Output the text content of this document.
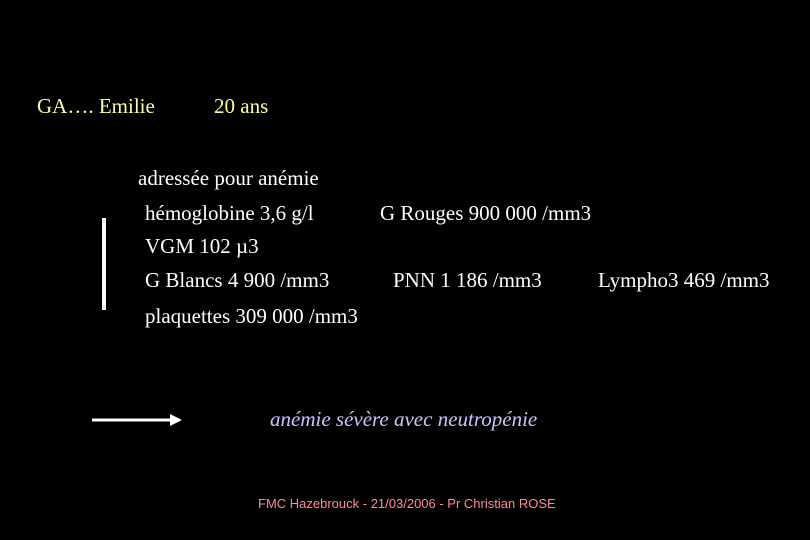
GA…. Emilie	20 ans
adressée pour anémie
hémoglobine 3,6 g/l	G Rouges 900 000 /mm3
VGM 102 µ3
G Blancs 4 900 /mm3	PNN 1 186 /mm3	Lympho3 469 /mm3
plaquettes 309 000 /mm3
anémie sévère avec neutropénie
FMC Hazebrouck - 21/03/2006 - Pr Christian ROSE
